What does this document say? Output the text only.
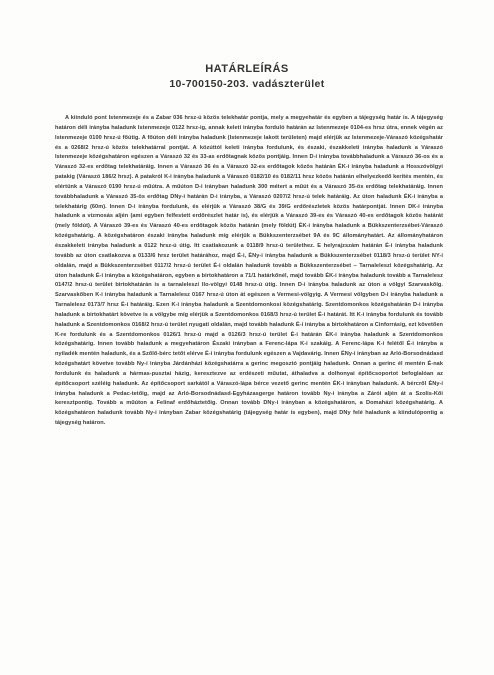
HATÁRLEÍRÁS
10-700150-203. vadászterület

A kiinduló pont Istenmezeje és a Zabar 036 hrsz-ú közös telekhatár pontja, mely a megyehatár és egyben a tájegység határ is. A tájegység határon déli irányba haladunk Istenmezeje 0122 hrsz-ig, annak keleti irányba forduló határán az Istenmezeje 0104-es hrsz útra, ennek végén az Istenmezeje 0100 hrsz-ú főútig. A főúton déli irányba haladunk (Istenmezeje lakott területen) majd elérjük az Istenmezeje-Váraszó közégshatár és a 0268/2 hrsz-ú közös telekhatárral pontját. A közúttól keleti irányba fordulunk, és északi, északkeleti irányba haladunk a Váraszó Istenmezeje közégshatáron egészen a Váraszó 32 és 33-as erdőtagnak közös pontjáig. Innen D-i irányba továbbhaladunk a Váraszó 36-os és a Váraszó 32-es erdőtag telekhatáráig. Innen a Váraszó 36 és a Váraszó 32-es erdőtagok közös határán ÉK-i irányba haladunk a Hosszóvölgyi patakig (Váraszó 186/2 hrsz). A patakról K-i irányba haladunk a Váraszó 0182/10 és 0182/11 hrsz közös határán elhelyezkedő kerítés mentén, és elértünk a Váraszó 0190 hrsz-ú műútra. A műúton D-i irányban haladunk 300 métert a műút és a Váraszó 35-ös erdőtag telekhatáráig. Innen továbbhaladunk a Váraszó 35-ös erdőtag DNy-i határán D-i irányba, a Váraszó 0207/2 hrsz-ú telek határáig. Az úton haladunk ÉK-i irányba a telekhatárig (60m). Innen D-i irányba fordulunk, és elérjük a Váraszó 38/G és 39/G erdőrészletek közös határpontját. Innen DK-i irányba haladunk a vízmosás aljén (ami egyben felfestett erdőrészlet határ is), és elérjük a Váraszó 39-es és Váraszó 40-es erdőtagok közös határát (mely földút). A Váraszó 39-es és Váraszó 40-es erdőtagok közös határán (mely földút) ÉK-i irányba haladunk a Bükkszenterzsébet-Váraszó közégshatárig. A közégshatáron északi irányba haladunk míg elérjük a Bükkszenterzsébet 9A és 9C állományhatárt. Az állományhatáron északkeleti irányba haladunk a 0122 hrsz-ú útig. Itt csatlakozunk a 0118/9 hrsz-ú területhez. E helyrajzszám határán É-i irányba haladunk tovább az úton csatlakozva a 0133/6 hrsz terület határához, majd É-i, ÉNy-i irányba haladunk a Bükkszenterzsébet 0118/3 hrsz-ú terület NY-i oldalán, majd a Bükkszenterzsébet 0117/2 hrsz-ú terület É-i oldalán haladunk tovább a Bükkszenterzsébet – Tarnaleleszi közégshatárig. Az úton haladunk É-i irányba a közégshatáron, egyben a birtokhatáron a 71/1 határkőnél, majd tovább ÉK-i irányba haladunk tovább a Tarnalelesz 0147/2 hrsz-ú terület birtokhatárán is a tarnaleleszi Ilo-völgyi 0148 hrsz-ú útig. Innen D-i irányba haladunk az úton a völgyi Szarvaskőig. Szarvaskőben K-i irányba haladunk a Tarnalelesz 0167 hrsz-ú úton át egészen a Vermesi-völgyig. A Vermesi völgyben D-i irányba haladunk a Tarnalelesz 0173/7 hrsz É-i határáig. Ezen K-i irányba haladunk a Szentdomonkosi közégshatárig. Szentdomonkos közégshatárán D-i irányba haladunk a birtokhatárt követve is a völgybe míg elérjük a Szentdomonkos 0168/3 hrsz-ú terület É-i határát. Itt K-i irányba fordulunk és tovább haladunk a Szentdomonkos 0168/2 hrsz-ú terület nyugati oldalán, majd tovább haladunk É-i irányba a birtokhatáron a Cinforrásig, ezt követően K-re fordulunk és a Szentdomonkos 0126/1 hrsz-ú majd a 0126/3 hrsz-ú terület É-i határán ÉK-i irányba haladunk a Szentdomonkos közégshatárig. Innen tovább haladunk a megyehatáron Északi irányban a Ferenc-lápa K-i szakáig. A Ferenc-lápa K-i felétől É-i irányba a nyiladék mentén haladunk, és a Szőlő-bérc tetőt elérve É-i irányba fordulunk egészen a Vajdavárig. Innen ÉNy-i irányban az Arló-Borsodnádasd közégshatárt követve tovább Ny-i irányba Járdánházi közégshatárra a gerinc megosztó pontjáig haladunk. Onnan a gerinc él mentén É-nak fordulunk és haladunk a hármas-pusztai házig, keresztezve az erdészeti műutat, áthaladva a dolhonyai építőcsoportot befoglalóan az építőcsoport széléig haladunk. Az építőcsoport sarkától a Váraszó-lápa bérce vezető gerinc mentén ÉK-i irányban haladunk. A bércről ÉNy-i irányba haladunk a Pedac-tetőig, majd az Arló-Borsodnádasd-Egyházasgerge határon tovább Ny-i irányba a Zárói aljén át a Szolis-Kői keresztpontig. Tovább a műúton a Felinaf erdőháztetőig. Onnan tovább DNy-i irányban a közégshatáron, a Domaházi közégshatárig. A közégshatáron haladunk tovább Ny-i irányban Zabar közégshatárig (tájegység határ is egyben), majd DNy felé haladunk a kiindulópontig a tájegység határon.
